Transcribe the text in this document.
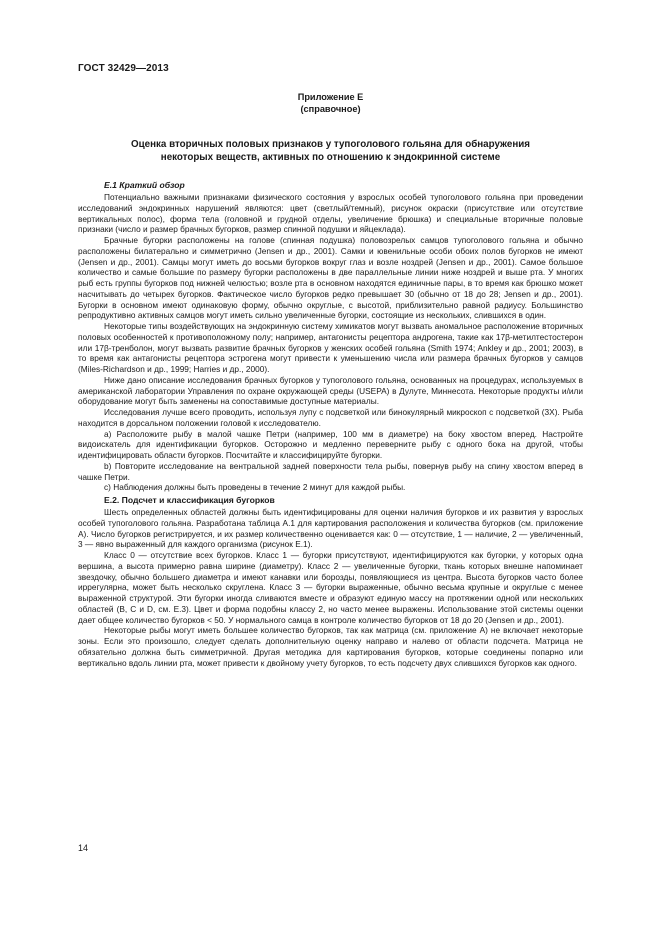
ГОСТ 32429—2013
Приложение Е
(справочное)
Оценка вторичных половых признаков у тупоголового гольяна для обнаружения
некоторых веществ, активных по отношению к эндокринной системе
Е.1 Краткий обзор

Потенциально важными признаками физического состояния у взрослых особей тупоголового гольяна при проведении исследований эндокринных нарушений являются: цвет (светлый/темный), рисунок окраски (присутствие или отсутствие вертикальных полос), форма тела (головной и грудной отделы, увеличение брюшка) и специальные вторичные половые признаки (число и размер брачных бугорков, размер спинной подушки и яйцеклада).

Брачные бугорки расположены на голове (спинная подушка) половозрелых самцов тупоголового гольяна и обычно расположены билатерально и симметрично (Jensen и др., 2001). Самки и ювенильные особи обоих полов бугорков не имеют (Jensen и др., 2001). Самцы могут иметь до восьми бугорков вокруг глаз и возле ноздрей (Jensen и др., 2001). Самое большое количество и самые большие по размеру бугорки расположены в две параллельные линии ниже ноздрей и выше рта. У многих рыб есть группы бугорков под нижней челюстью; возле рта в основном находятся единичные пары, в то время как брюшко может насчитывать до четырех бугорков. Фактическое число бугорков редко превышает 30 (обычно от 18 до 28; Jensen и др., 2001). Бугорки в основном имеют одинаковую форму, обычно округлые, с высотой, приблизительно равной радиусу. Большинство репродуктивно активных самцов могут иметь сильно увеличенные бугорки, состоящие из нескольких, слившихся в один.

Некоторые типы воздействующих на эндокринную систему химикатов могут вызвать аномальное расположение вторичных половых особенностей к противоположному полу; например, антагонисты рецептора андрогена, такие как 17β-метилтестостерон или 17β-тренболон, могут вызвать развитие брачных бугорков у женских особей гольяна (Smith 1974; Ankley и др., 2001; 2003), в то время как антагонисты рецептора эстрогена могут привести к уменьшению числа или размера брачных бугорков у самцов (Miles-Richardson и др., 1999; Harries и др., 2000).

Ниже дано описание исследования брачных бугорков у тупоголового гольяна, основанных на процедурах, используемых в американской лаборатории Управления по охране окружающей среды (USEPA) в Дулуте, Миннесота. Некоторые продукты и/или оборудование могут быть заменены на сопоставимые доступные материалы.

Исследования лучше всего проводить, используя лупу с подсветкой или бинокулярный микроскоп с подсветкой (3Х). Рыба находится в дорсальном положении головой к исследователю.

a) Расположите рыбу в малой чашке Петри (например, 100 мм в диаметре) на боку хвостом вперед. Настройте видоискатель для идентификации бугорков. Осторожно и медленно переверните рыбу с одного бока на другой, чтобы идентифицировать области бугорков. Посчитайте и классифицируйте бугорки.

b) Повторите исследование на вентральной задней поверхности тела рыбы, повернув рыбу на спину хвостом вперед в чашке Петри.

c) Наблюдения должны быть проведены в течение 2 минут для каждой рыбы.

Е.2. Подсчет и классификация бугорков

Шесть определенных областей должны быть идентифицированы для оценки наличия бугорков и их развития у взрослых особей тупоголового гольяна. Разработана таблица А.1 для картирования расположения и количества бугорков (см. приложение А). Число бугорков регистрируется, и их размер количественно оценивается как: 0 — отсутствие, 1 — наличие, 2 — увеличенный, 3 — явно выраженный для каждого организма (рисунок Е.1).

Класс 0 — отсутствие всех бугорков. Класс 1 — бугорки присутствуют, идентифицируются как бугорки, у которых одна вершина, а высота примерно равна ширине (диаметру). Класс 2 — увеличенные бугорки, ткань которых внешне напоминает звездочку, обычно большего диаметра и имеют канавки или борозды, появляющиеся из центра. Высота бугорков часто более иррегулярна, может быть несколько скруглена. Класс 3 — бугорки выраженные, обычно весьма крупные и округлые с менее выраженной структурой. Эти бугорки иногда сливаются вместе и образуют единую массу на протяжении одной или нескольких областей (В, С и D, см. Е.3). Цвет и форма подобны классу 2, но часто менее выражены. Использование этой системы оценки дает общее количество бугорков < 50. У нормального самца в контроле количество бугорков от 18 до 20 (Jensen и др., 2001).

Некоторые рыбы могут иметь большее количество бугорков, так как матрица (см. приложение А) не включает некоторые зоны. Если это произошло, следует сделать дополнительную оценку направо и налево от области подсчета. Матрица не обязательно должна быть симметричной. Другая методика для картирования бугорков, которые соединены попарно или вертикально вдоль линии рта, может привести к двойному учету бугорков, то есть подсчету двух слившихся бугорков как одного.

14
